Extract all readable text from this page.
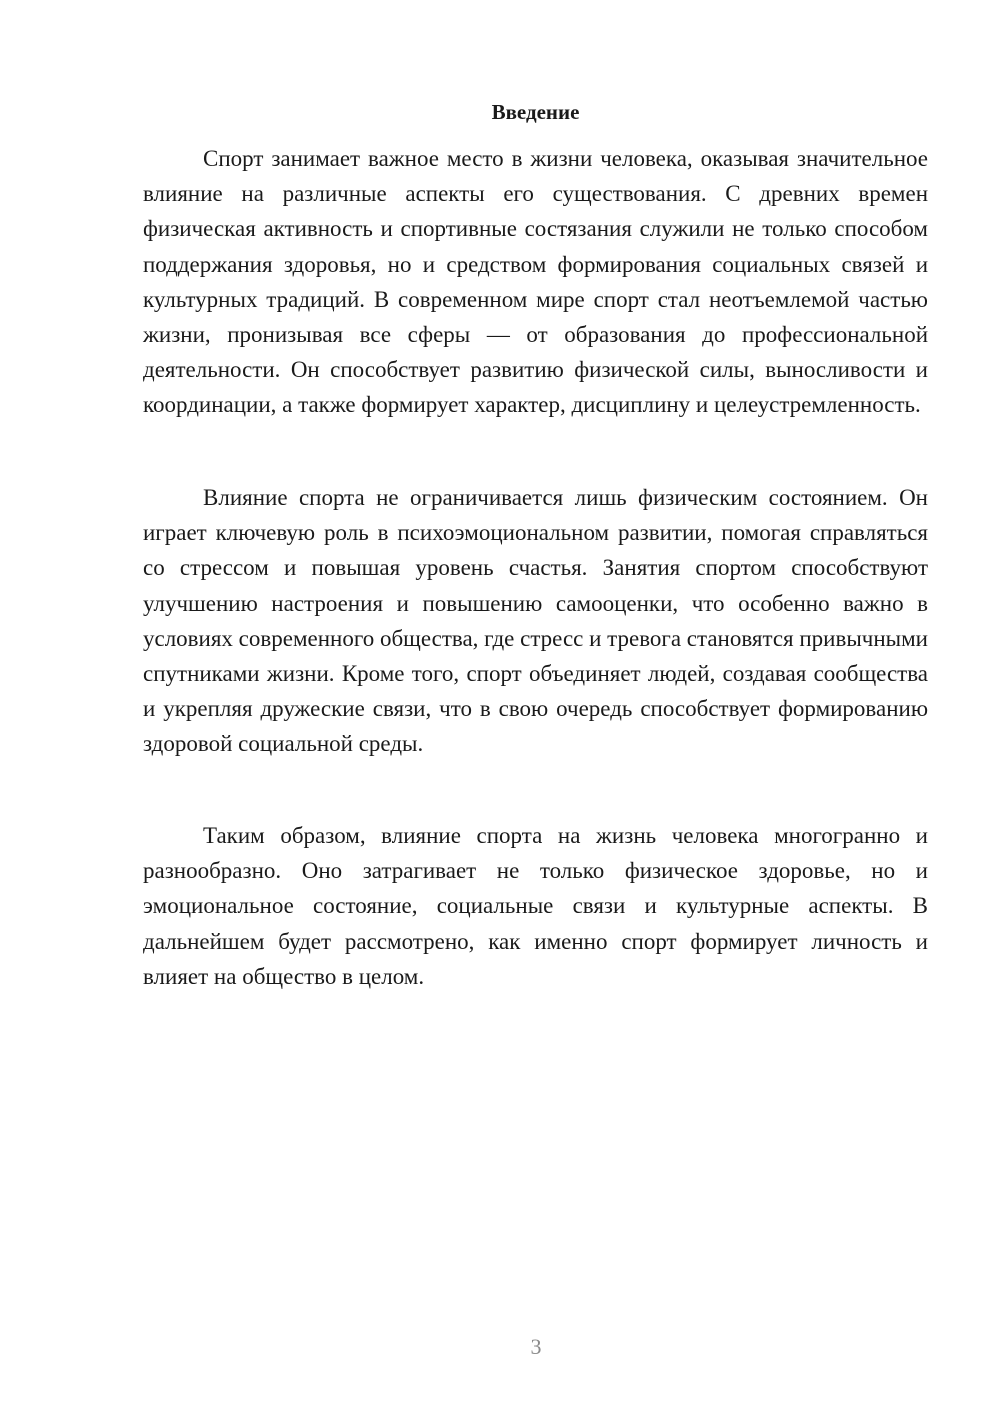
Введение

Спорт занимает важное место в жизни человека, оказывая значительное влияние на различные аспекты его существования. С древних времен физическая активность и спортивные состязания служили не только способом поддержания здоровья, но и средством формирования социальных связей и культурных традиций. В современном мире спорт стал неотъемлемой частью жизни, пронизывая все сферы — от образования до профессиональной деятельности. Он способствует развитию физической силы, выносливости и координации, а также формирует характер, дисциплину и целеустремленность.

Влияние спорта не ограничивается лишь физическим состоянием. Он играет ключевую роль в психоэмоциональном развитии, помогая справляться со стрессом и повышая уровень счастья. Занятия спортом способствуют улучшению настроения и повышению самооценки, что особенно важно в условиях современного общества, где стресс и тревога становятся привычными спутниками жизни. Кроме того, спорт объединяет людей, создавая сообщества и укрепляя дружеские связи, что в свою очередь способствует формированию здоровой социальной среды.

Таким образом, влияние спорта на жизнь человека многогранно и разнообразно. Оно затрагивает не только физическое здоровье, но и эмоциональное состояние, социальные связи и культурные аспекты. В дальнейшем будет рассмотрено, как именно спорт формирует личность и влияет на общество в целом.

3
